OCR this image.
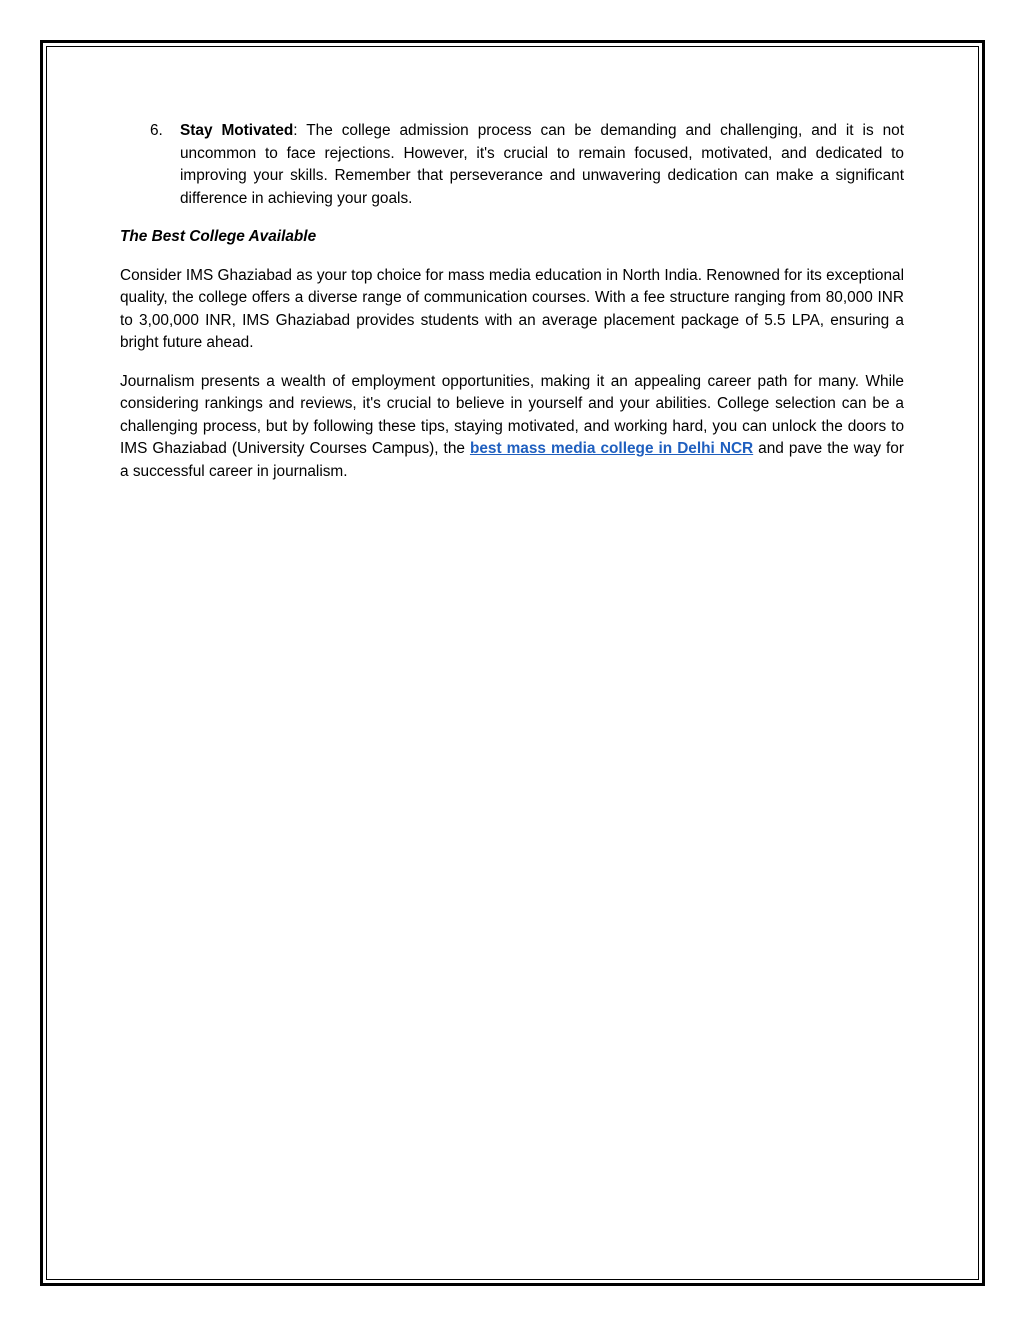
6. Stay Motivated: The college admission process can be demanding and challenging, and it is not uncommon to face rejections. However, it's crucial to remain focused, motivated, and dedicated to improving your skills. Remember that perseverance and unwavering dedication can make a significant difference in achieving your goals.
The Best College Available

Consider IMS Ghaziabad as your top choice for mass media education in North India. Renowned for its exceptional quality, the college offers a diverse range of communication courses. With a fee structure ranging from 80,000 INR to 3,00,000 INR, IMS Ghaziabad provides students with an average placement package of 5.5 LPA, ensuring a bright future ahead.

Journalism presents a wealth of employment opportunities, making it an appealing career path for many. While considering rankings and reviews, it's crucial to believe in yourself and your abilities. College selection can be a challenging process, but by following these tips, staying motivated, and working hard, you can unlock the doors to IMS Ghaziabad (University Courses Campus), the best mass media college in Delhi NCR and pave the way for a successful career in journalism.
